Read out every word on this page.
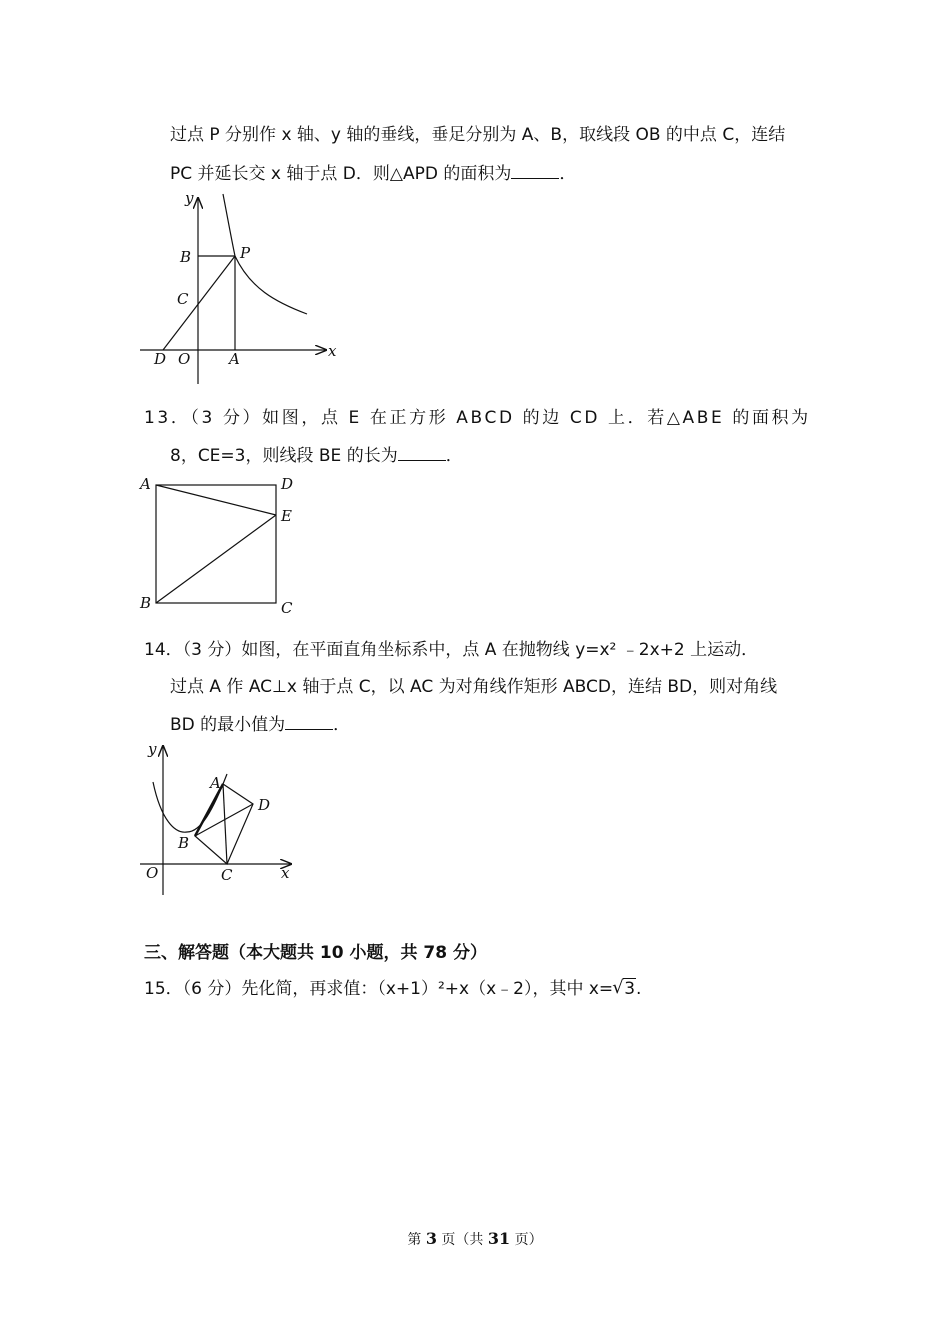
过点 P 分别作 x 轴、y 轴的垂线，垂足分别为 A、B，取线段 OB 的中点 C，连结
PC 并延长交 x 轴于点 D．则△APD 的面积为	．
y
B	P
C
D O	A	x
13．（3 分）如图，点 E 在正方形 ABCD 的边 CD 上．若△ABE 的面积为
8，CE=3，则线段 BE 的长为	．
A	D
E
B	C
14．（3 分）如图，在平面直角坐标系中，点 A 在抛物线 y=x² ﹣2x+2 上运动．
过点 A 作 AC⊥x 轴于点 C，以 AC 为对角线作矩形 ABCD，连结 BD，则对角线
BD 的最小值为	．
y
A
D
B
O	C	x
三、解答题（本大题共 10 小题，共 78 分）
15．（6 分）先化简，再求值：（x+1）²+x（x﹣2），其中 x=√ 3.
第 3 页（共 31 页）
